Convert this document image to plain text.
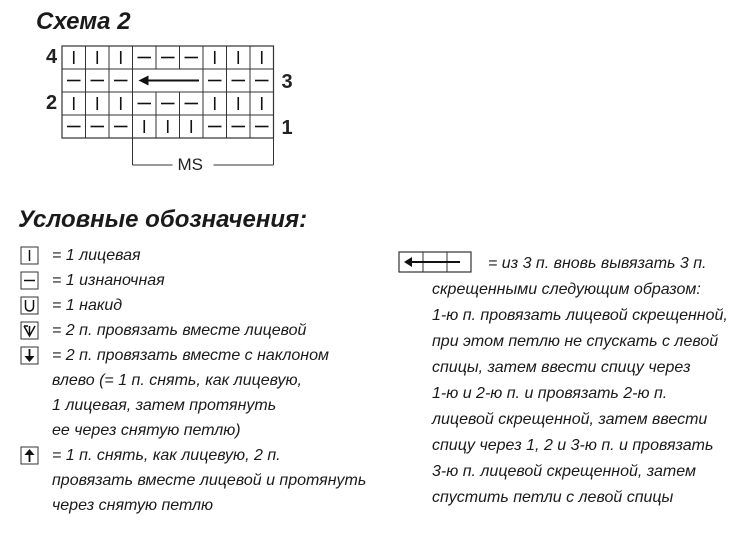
Схема 2
4
2
3
1
MS
Условные обозначения:
= 1 лицевая
= 1 изнаночная
= 1 накид
= 2 п. провязать вместе лицевой
= 2 п. провязать вместе с наклоном
влево (= 1 п. снять, как лицевую,
1 лицевая, затем протянуть
ее через снятую петлю)
= 1 п. снять, как лицевую, 2 п.
провязать вместе лицевой и протянуть
через снятую петлю
= из 3 п. вновь вывязать 3 п.
скрещенными следующим образом:
1-ю п. провязать лицевой скрещенной,
при этом петлю не спускать с левой
спицы, затем ввести спицу через
1-ю и 2-ю п. и провязать 2-ю п.
лицевой скрещенной, затем ввести
спицу через 1, 2 и 3-ю п. и провязать
3-ю п. лицевой скрещенной, затем
спустить петли с левой спицы
